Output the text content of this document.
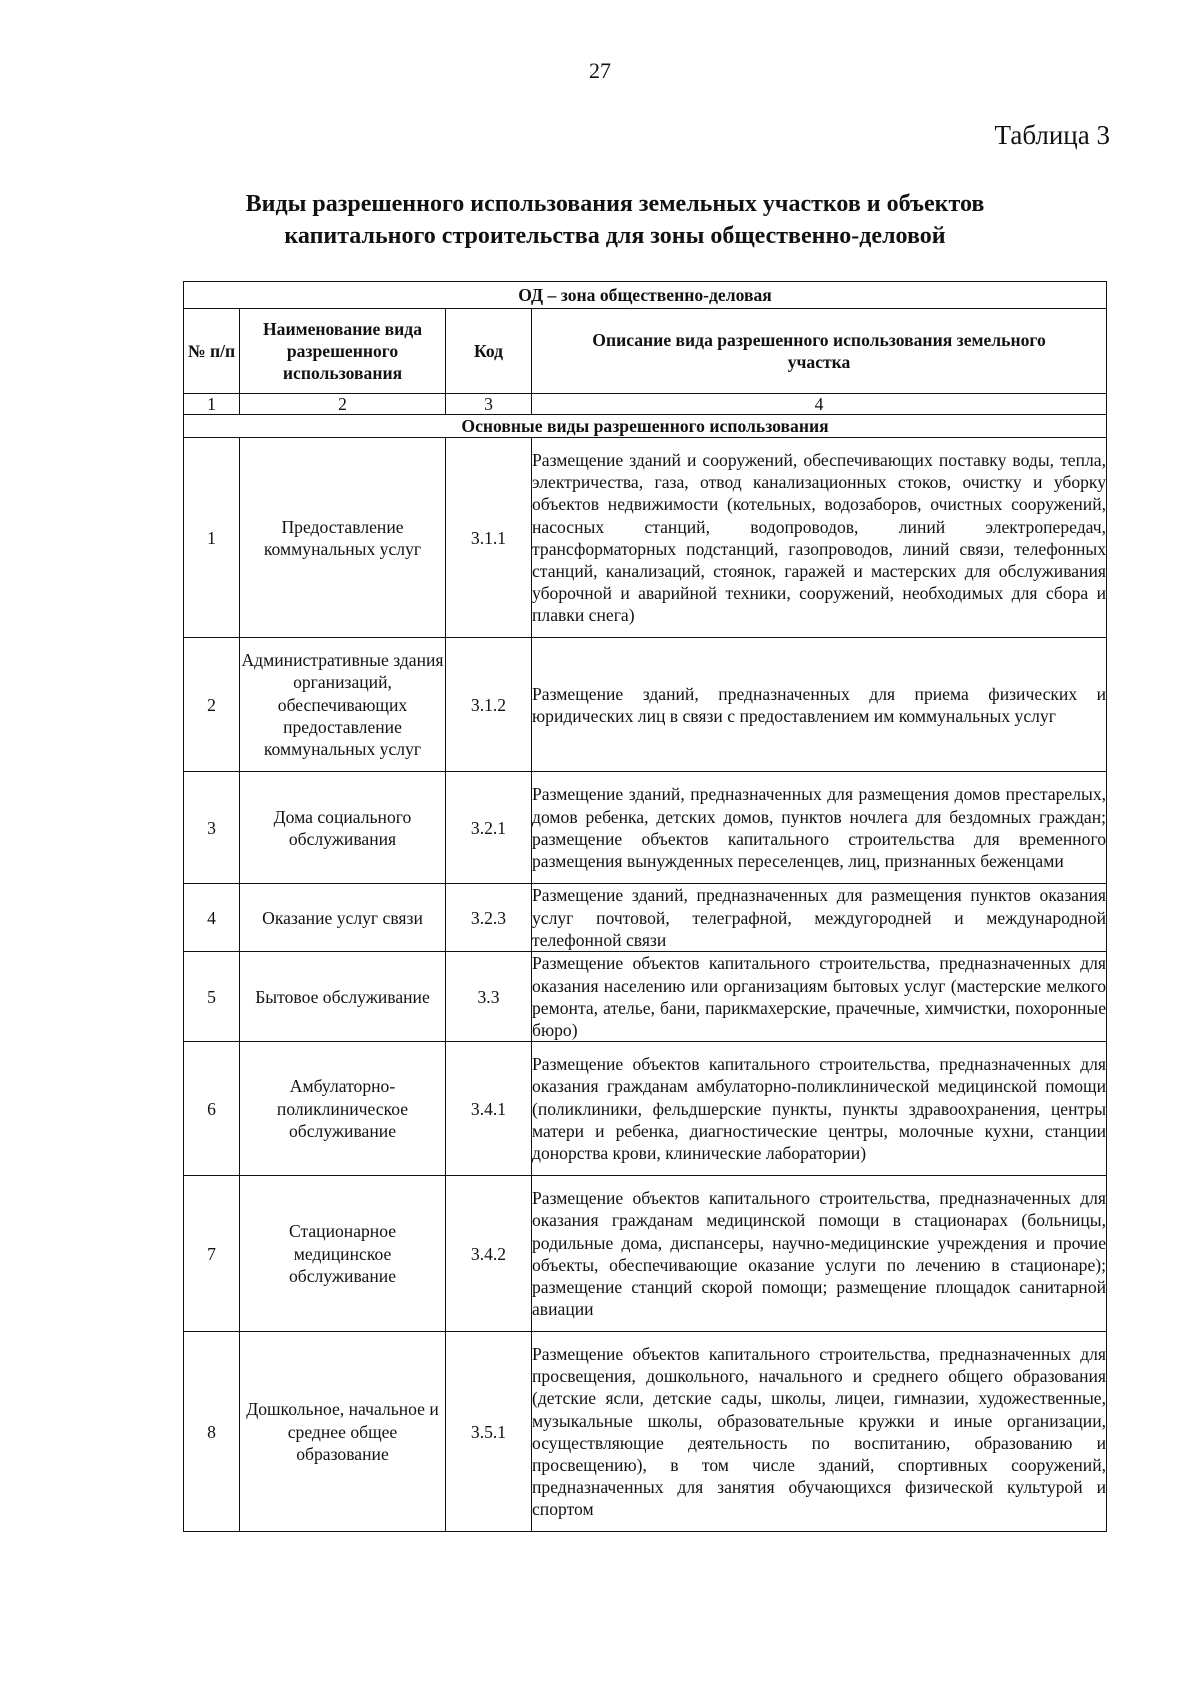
27
Таблица 3
Виды разрешенного использования земельных участков и объектов
капитального строительства для зоны общественно-деловой
ОД – зона общественно-деловая			
№ п/п	Наименование вида разрешенного использования	Код	Описание вида разрешенного использования земельного участка
1	2	3	4
Основные виды разрешенного использования			
1	Предоставление коммунальных услуг	3.1.1	Размещение зданий и сооружений, обеспечивающих поставку воды, тепла, электричества, газа, отвод канализационных стоков, очистку и уборку объектов недвижимости (котельных, водозаборов, очистных сооружений, насосных станций, водопроводов, линий электропередач, трансформаторных подстанций, газопроводов, линий связи, телефонных станций, канализаций, стоянок, гаражей и мастерских для обслуживания уборочной и аварийной техники, сооружений, необходимых для сбора и плавки снега)
2	Административные здания организаций, обеспечивающих предоставление коммунальных услуг	3.1.2	Размещение зданий, предназначенных для приема физических и юридических лиц в связи с предоставлением им коммунальных услуг
3	Дома социального обслуживания	3.2.1	Размещение зданий, предназначенных для размещения домов престарелых, домов ребенка, детских домов, пунктов ночлега для бездомных граждан; размещение объектов капитального строительства для временного размещения вынужденных переселенцев, лиц, признанных беженцами
4	Оказание услуг связи	3.2.3	Размещение зданий, предназначенных для размещения пунктов оказания услуг почтовой, телеграфной, междугородней и международной телефонной связи
5	Бытовое обслуживание	3.3	Размещение объектов капитального строительства, предназначенных для оказания населению или организациям бытовых услуг (мастерские мелкого ремонта, ателье, бани, парикмахерские, прачечные, химчистки, похоронные бюро)
6	Амбулаторно-поликлиническое обслуживание	3.4.1	Размещение объектов капитального строительства, предназначенных для оказания гражданам амбулаторно-поликлинической медицинской помощи (поликлиники, фельдшерские пункты, пункты здравоохранения, центры матери и ребенка, диагностические центры, молочные кухни, станции донорства крови, клинические лаборатории)
7	Стационарное медицинское обслуживание	3.4.2	Размещение объектов капитального строительства, предназначенных для оказания гражданам медицинской помощи в стационарах (больницы, родильные дома, диспансеры, научно-медицинские учреждения и прочие объекты, обеспечивающие оказание услуги по лечению в стационаре); размещение станций скорой помощи; размещение площадок санитарной авиации
8	Дошкольное, начальное и среднее общее образование	3.5.1	Размещение объектов капитального строительства, предназначенных для просвещения, дошкольного, начального и среднего общего образования (детские ясли, детские сады, школы, лицеи, гимназии, художественные, музыкальные школы, образовательные кружки и иные организации, осуществляющие деятельность по воспитанию, образованию и просвещению), в том числе зданий, спортивных сооружений, предназначенных для занятия обучающихся физической культурой и спортом
